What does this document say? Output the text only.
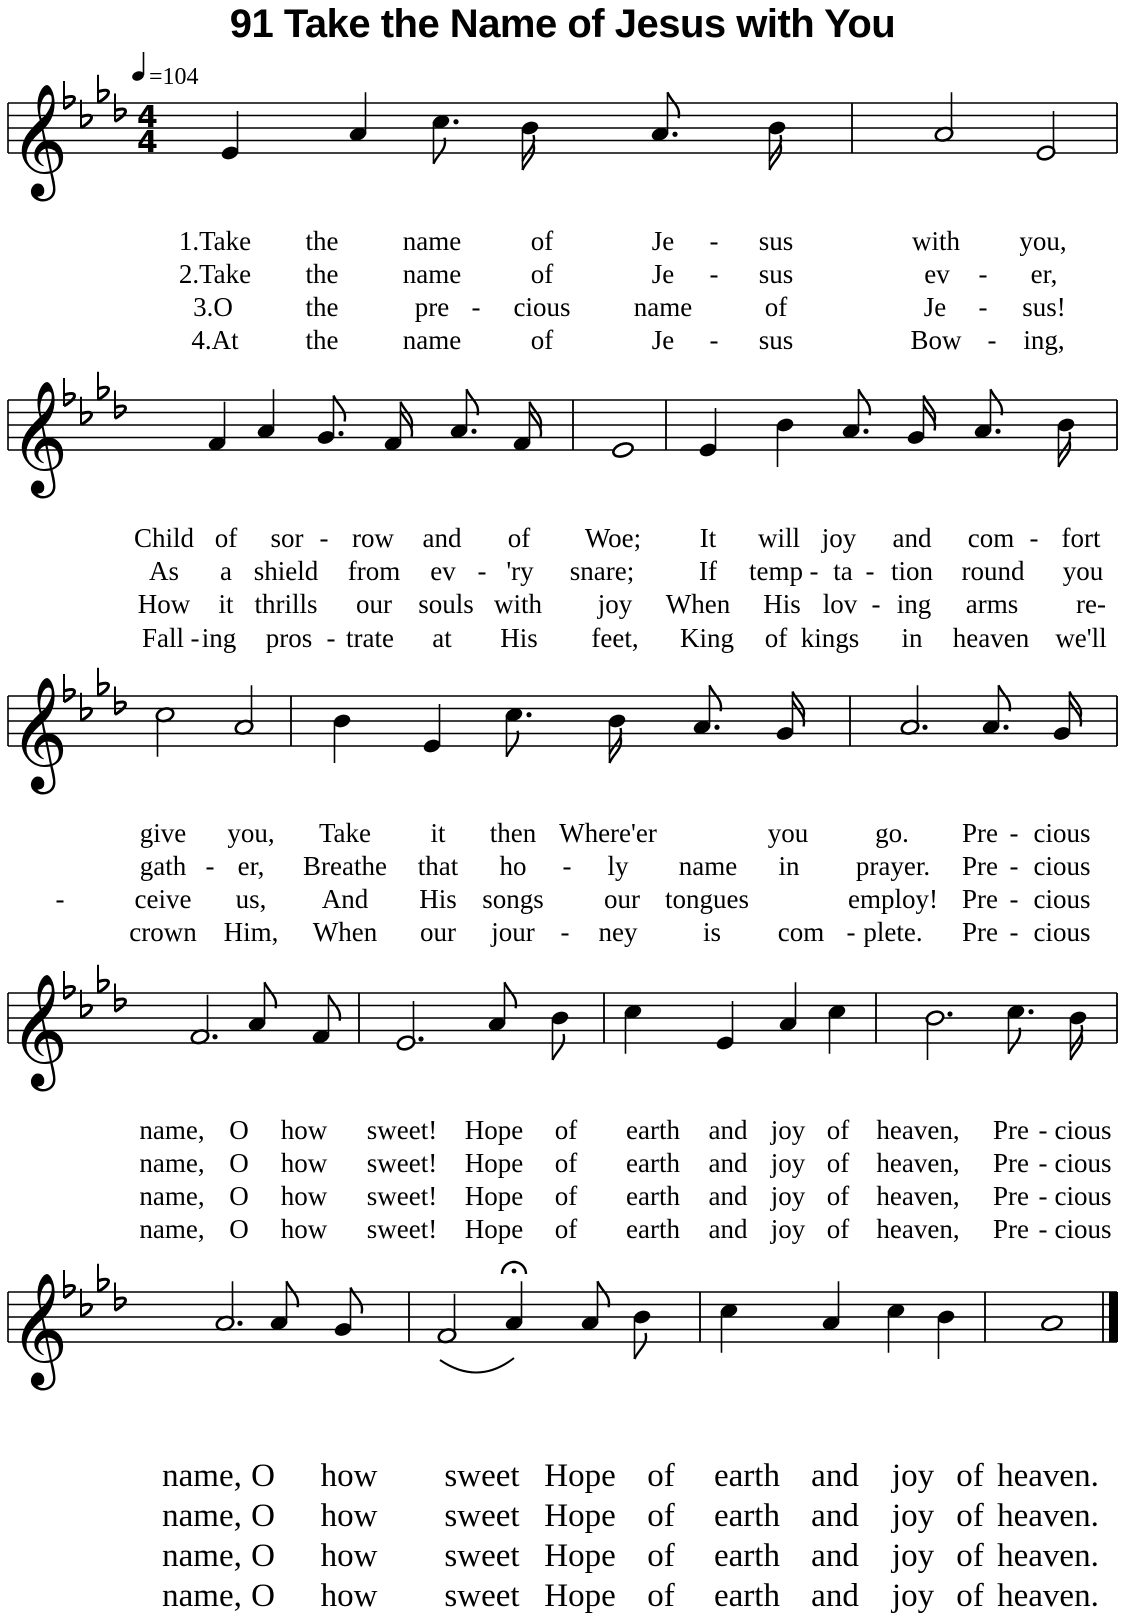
91 Take the Name of Jesus with You
=104
𝄞 4
4
𝄞
𝄞
𝄞
𝄞
1.Take the name	of	Je - sus	with you,
2.Take the name	of	Je - sus	ev - er,
3.O	the	pre - cious name	of	Je - sus!
4.At the name	of	Je - sus	Bow - ing,
Child of sor - row and of Woe; It will joy and com - fort
As a shield from ev - 'ry snare; If temp - ta - tion round you
How it thrills our souls with joy When His lov - ing arms re-
Fall - ing pros - trate at His feet, King of kings in heaven we'll
give you, Take it then Where'er	you go. Pre - cious
gath - er, Breathe that ho - ly name in prayer. Pre - cious
-	ceive us, And His songs our tongues	employ! Pre - cious
crown Him, When our jour - ney is com - plete. Pre - cious
name, O how sweet! Hope of earth and joy of heaven, Pre - cious
name, O how sweet! Hope of earth and joy of heaven, Pre - cious
name, O how sweet! Hope of earth and joy of heaven, Pre - cious
name, O how sweet! Hope of earth and joy of heaven, Pre - cious
name, O how sweet Hope of earth and joy of heaven.
name, O how sweet Hope of earth and joy of heaven.
name, O how sweet Hope of earth and joy of heaven.
name, O how sweet Hope of earth and joy of heaven.
